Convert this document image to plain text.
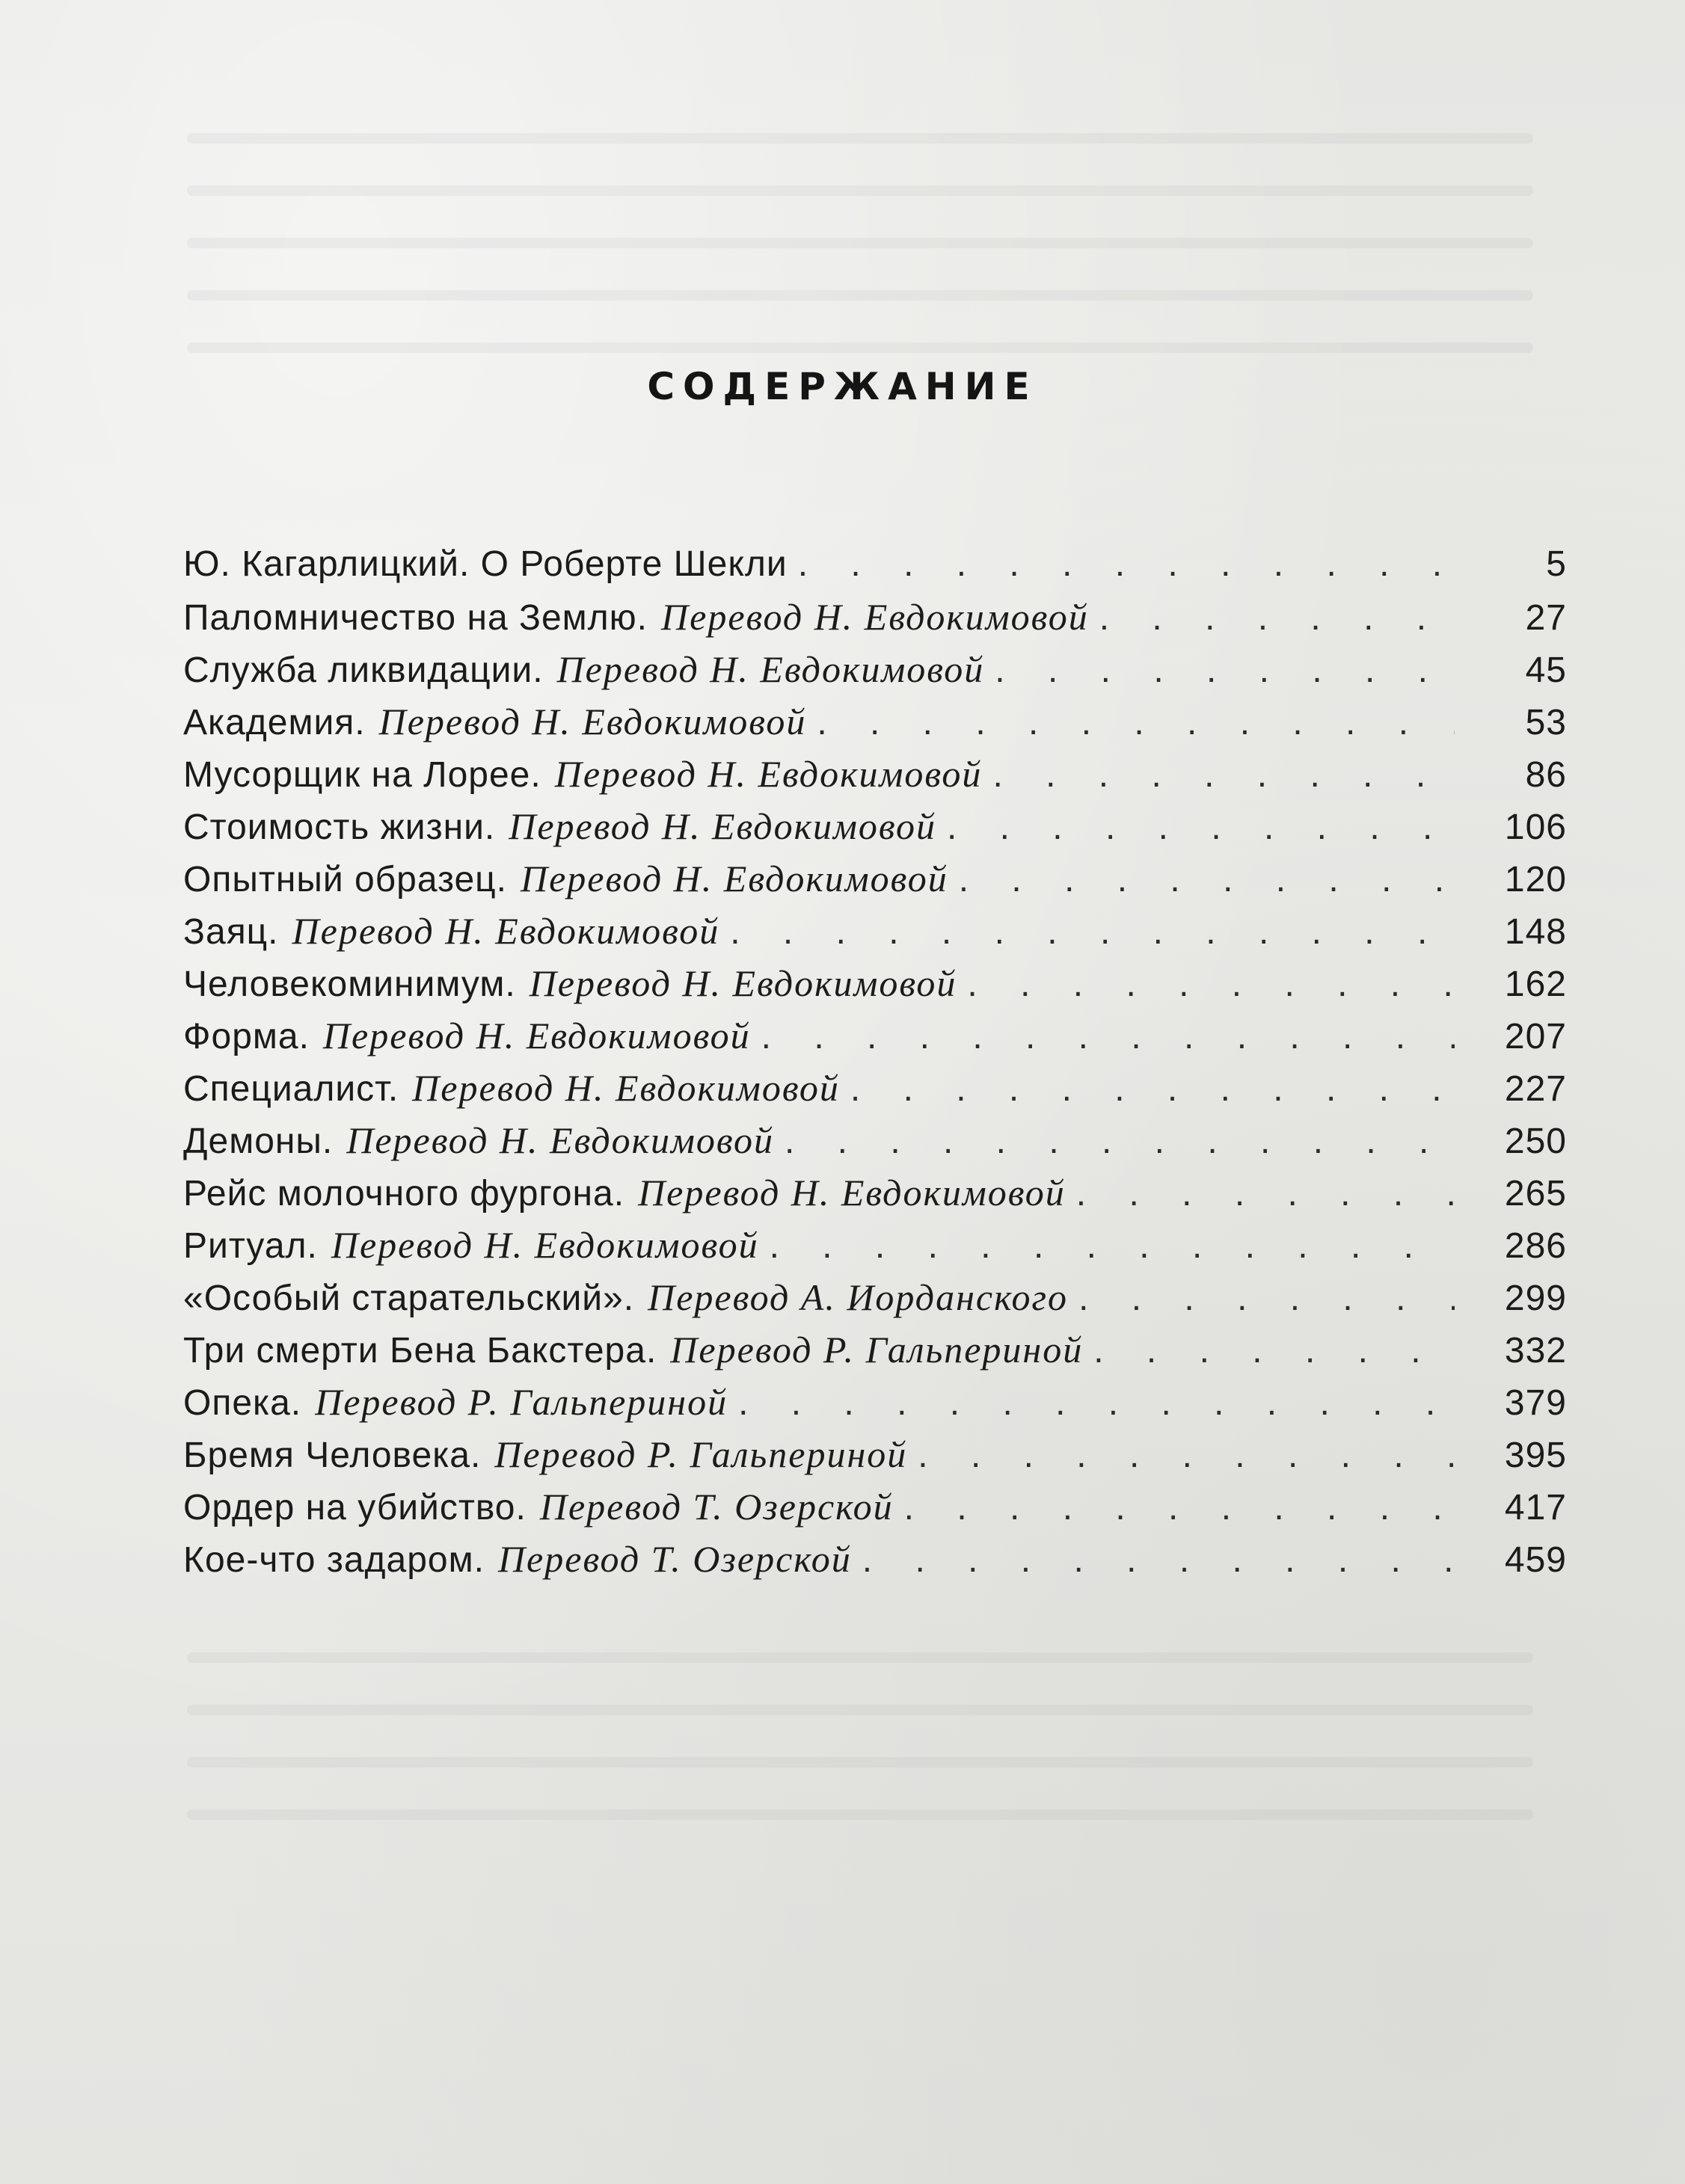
СОДЕРЖАНИЕ
Ю. Кагарлицкий. О Роберте Шекли . . .	5
Паломничество на Землю. Перевод Н. Евдокимовой . . .	27
Служба ликвидации. Перевод Н. Евдокимовой . . .	45
Академия. Перевод Н. Евдокимовой . . .	53
Мусорщик на Лорее. Перевод Н. Евдокимовой . . .	86
Стоимость жизни. Перевод Н. Евдокимовой . . .	106
Опытный образец. Перевод Н. Евдокимовой . . .	120
Заяц. Перевод Н. Евдокимовой . . .	148
Человекоминимум. Перевод Н. Евдокимовой . . .	162
Форма. Перевод Н. Евдокимовой . . .	207
Специалист. Перевод Н. Евдокимовой . . .	227
Демоны. Перевод Н. Евдокимовой . . .	250
Рейс молочного фургона. Перевод Н. Евдокимовой . . .	265
Ритуал. Перевод Н. Евдокимовой . . .	286
«Особый старательский». Перевод А. Иорданского . . .	299
Три смерти Бена Бакстера. Перевод Р. Гальпериной . . .	332
Опека. Перевод Р. Гальпериной . . .	379
Бремя Человека. Перевод Р. Гальпериной . . .	395
Ордер на убийство. Перевод Т. Озерской . . .	417
Кое-что задаром. Перевод Т. Озерской . . .	459
